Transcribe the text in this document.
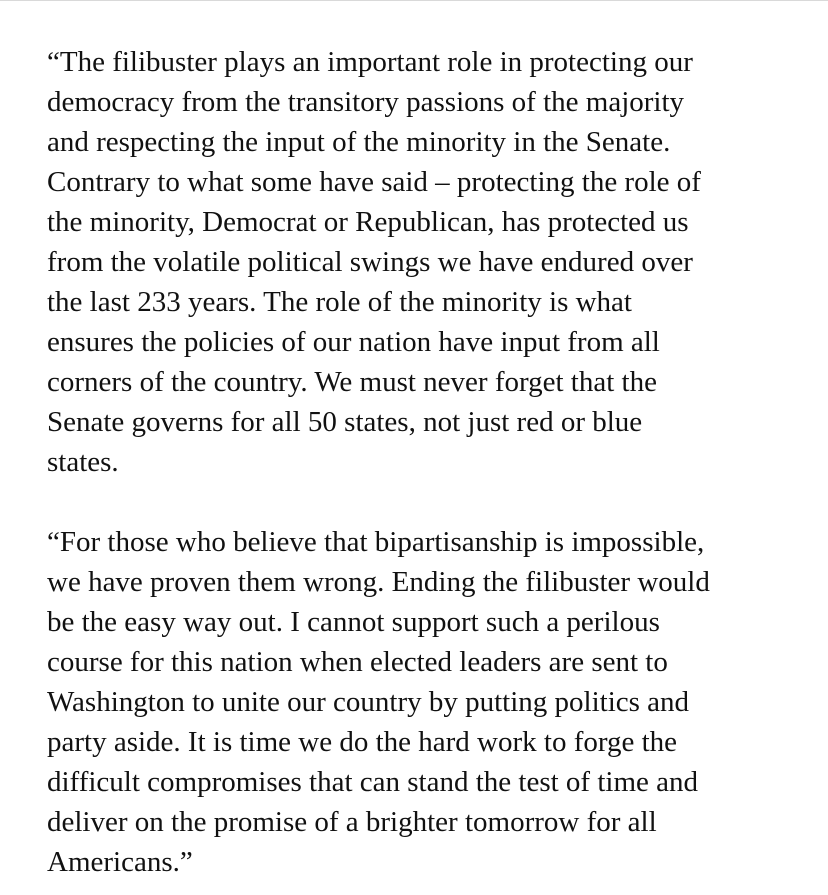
“The filibuster plays an important role in protecting our
democracy from the transitory passions of the majority
and respecting the input of the minority in the Senate.
Contrary to what some have said – protecting the role of
the minority, Democrat or Republican, has protected us
from the volatile political swings we have endured over
the last 233 years. The role of the minority is what
ensures the policies of our nation have input from all
corners of the country. We must never forget that the
Senate governs for all 50 states, not just red or blue
states.

“For those who believe that bipartisanship is impossible,
we have proven them wrong. Ending the filibuster would
be the easy way out. I cannot support such a perilous
course for this nation when elected leaders are sent to
Washington to unite our country by putting politics and
party aside. It is time we do the hard work to forge the
difficult compromises that can stand the test of time and
deliver on the promise of a brighter tomorrow for all
Americans.”
